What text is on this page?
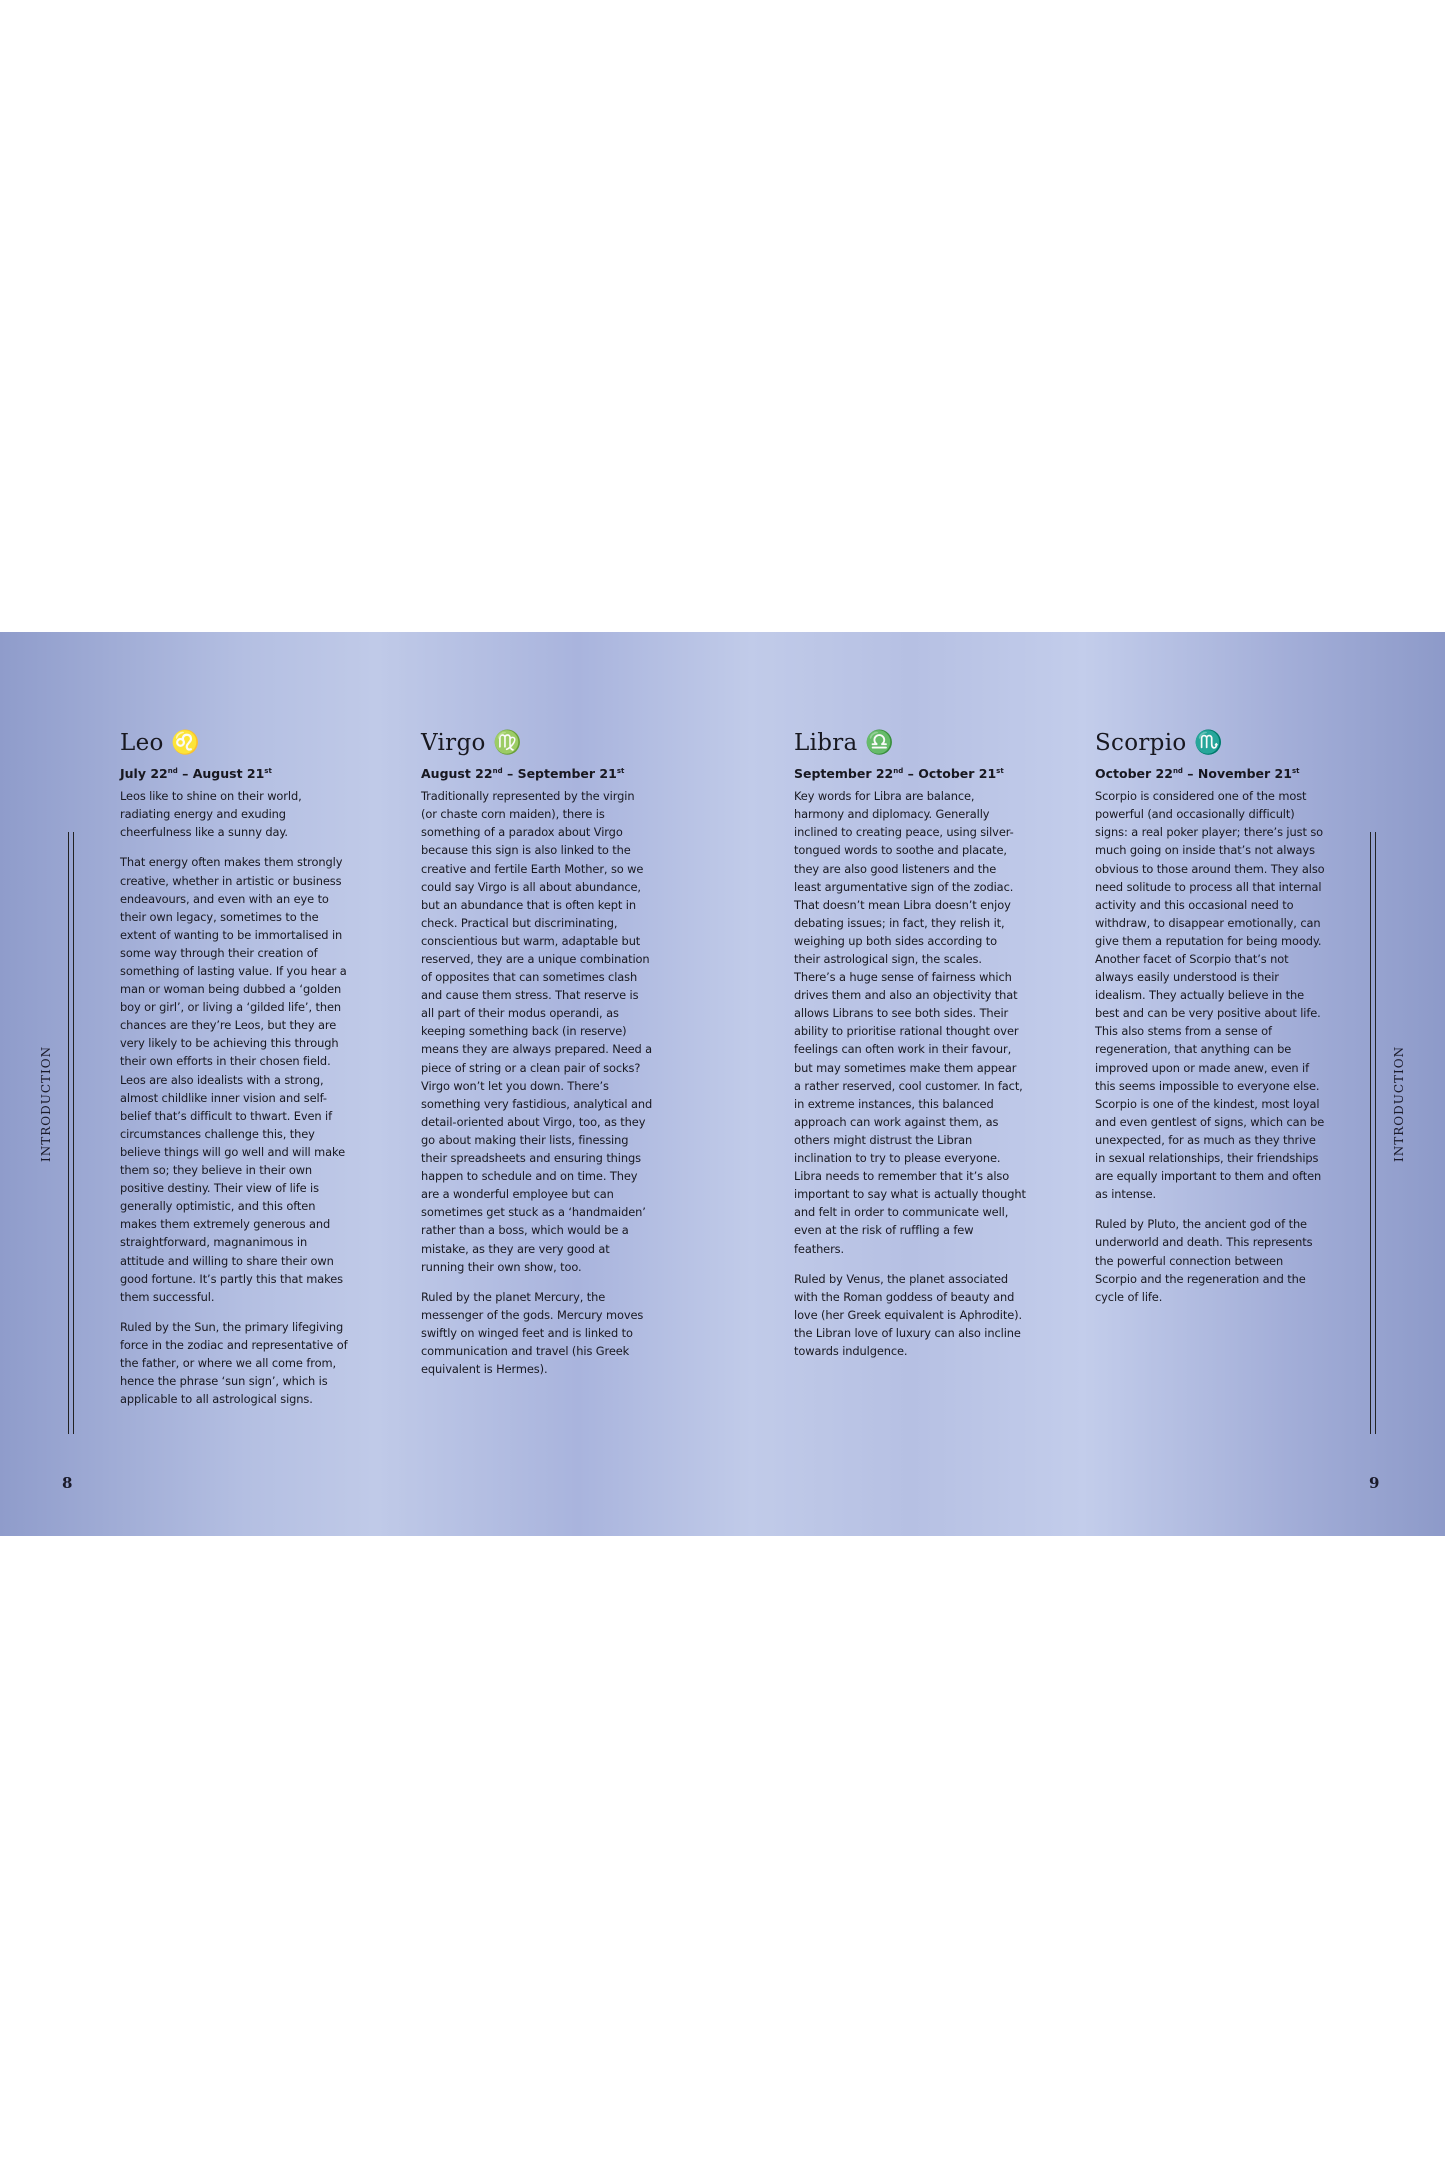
INTRODUCTION
8
INTRODUCTION
9
Leo ♌
July 22nd – August 21st

Leos like to shine on their world, radiating energy and exuding cheerfulness like a sunny day.

That energy often makes them strongly creative, whether in artistic or business endeavours, and even with an eye to their own legacy, sometimes to the extent of wanting to be immortalised in some way through their creation of something of lasting value. If you hear a man or woman being dubbed a ‘golden boy or girl’, or living a ‘gilded life’, then chances are they’re Leos, but they are very likely to be achieving this through their own efforts in their chosen field. Leos are also idealists with a strong, almost childlike inner vision and self-belief that’s difficult to thwart. Even if circumstances challenge this, they believe things will go well and will make them so; they believe in their own positive destiny. Their view of life is generally optimistic, and this often makes them extremely generous and straightforward, magnanimous in attitude and willing to share their own good fortune. It’s partly this that makes them successful.

Ruled by the Sun, the primary lifegiving force in the zodiac and representative of the father, or where we all come from, hence the phrase ‘sun sign’, which is applicable to all astrological signs.

Virgo ♍
August 22nd – September 21st

Traditionally represented by the virgin (or chaste corn maiden), there is something of a paradox about Virgo because this sign is also linked to the creative and fertile Earth Mother, so we could say Virgo is all about abundance, but an abundance that is often kept in check. Practical but discriminating, conscientious but warm, adaptable but reserved, they are a unique combination of opposites that can sometimes clash and cause them stress. That reserve is all part of their modus operandi, as keeping something back (in reserve) means they are always prepared. Need a piece of string or a clean pair of socks? Virgo won’t let you down. There’s something very fastidious, analytical and detail-oriented about Virgo, too, as they go about making their lists, finessing their spreadsheets and ensuring things happen to schedule and on time. They are a wonderful employee but can sometimes get stuck as a ‘handmaiden’ rather than a boss, which would be a mistake, as they are very good at running their own show, too.

Ruled by the planet Mercury, the messenger of the gods. Mercury moves swiftly on winged feet and is linked to communication and travel (his Greek equivalent is Hermes).

Libra ♎
September 22nd – October 21st

Key words for Libra are balance, harmony and diplomacy. Generally inclined to creating peace, using silver-tongued words to soothe and placate, they are also good listeners and the least argumentative sign of the zodiac. That doesn’t mean Libra doesn’t enjoy debating issues; in fact, they relish it, weighing up both sides according to their astrological sign, the scales. There’s a huge sense of fairness which drives them and also an objectivity that allows Librans to see both sides. Their ability to prioritise rational thought over feelings can often work in their favour, but may sometimes make them appear a rather reserved, cool customer. In fact, in extreme instances, this balanced approach can work against them, as others might distrust the Libran inclination to try to please everyone. Libra needs to remember that it’s also important to say what is actually thought and felt in order to communicate well, even at the risk of ruffling a few feathers.

Ruled by Venus, the planet associated with the Roman goddess of beauty and love (her Greek equivalent is Aphrodite). the Libran love of luxury can also incline towards indulgence.

Scorpio ♏
October 22nd – November 21st

Scorpio is considered one of the most powerful (and occasionally difficult) signs: a real poker player; there’s just so much going on inside that’s not always obvious to those around them. They also need solitude to process all that internal activity and this occasional need to withdraw, to disappear emotionally, can give them a reputation for being moody. Another facet of Scorpio that’s not always easily understood is their idealism. They actually believe in the best and can be very positive about life. This also stems from a sense of regeneration, that anything can be improved upon or made anew, even if this seems impossible to everyone else. Scorpio is one of the kindest, most loyal and even gentlest of signs, which can be unexpected, for as much as they thrive in sexual relationships, their friendships are equally important to them and often as intense.

Ruled by Pluto, the ancient god of the underworld and death. This represents the powerful connection between Scorpio and the regeneration and the cycle of life.
